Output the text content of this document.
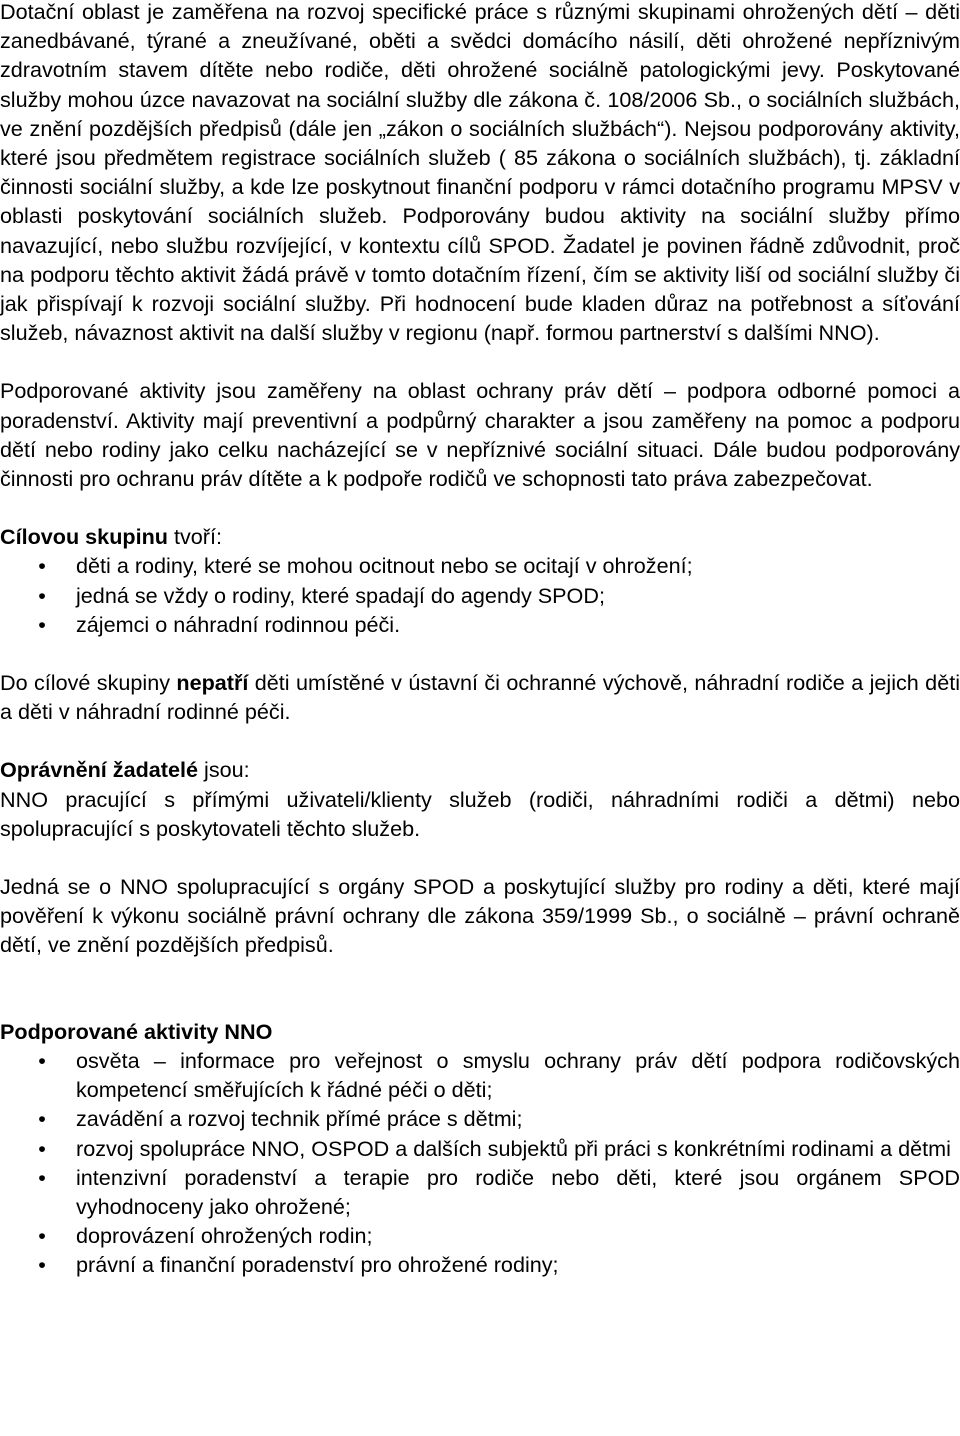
Dotační oblast je zaměřena na rozvoj specifické práce s různými skupinami ohrožených dětí – děti zanedbávané, týrané a zneužívané, oběti a svědci domácího násilí, děti ohrožené nepříznivým zdravotním stavem dítěte nebo rodiče, děti ohrožené sociálně patologickými jevy. Poskytované služby mohou úzce navazovat na sociální služby dle zákona č. 108/2006 Sb., o sociálních službách, ve znění pozdějších předpisů (dále jen „zákon o sociálních službách“). Nejsou podporovány aktivity, které jsou předmětem registrace sociálních služeb ( 85 zákona o sociálních službách), tj. základní činnosti sociální služby, a kde lze poskytnout finanční podporu v rámci dotačního programu MPSV v oblasti poskytování sociálních služeb. Podporovány budou aktivity na sociální služby přímo navazující, nebo službu rozvíjející, v kontextu cílů SPOD. Žadatel je povinen řádně zdůvodnit, proč na podporu těchto aktivit žádá právě v tomto dotačním řízení, čím se aktivity liší od sociální služby či jak přispívají k rozvoji sociální služby. Při hodnocení bude kladen důraz na potřebnost a síťování služeb, návaznost aktivit na další služby v regionu (např. formou partnerství s dalšími NNO).

Podporované aktivity jsou zaměřeny na oblast ochrany práv dětí – podpora odborné pomoci a poradenství. Aktivity mají preventivní a podpůrný charakter a jsou zaměřeny na pomoc a podporu dětí nebo rodiny jako celku nacházející se v nepříznivé sociální situaci. Dále budou podporovány činnosti pro ochranu práv dítěte a k podpoře rodičů ve schopnosti tato práva zabezpečovat.

Cílovou skupinu tvoří:

• děti a rodiny, které se mohou ocitnout nebo se ocitají v ohrožení;
• jedná se vždy o rodiny, které spadají do agendy SPOD;
• zájemci o náhradní rodinnou péči.

Do cílové skupiny nepatří děti umístěné v ústavní či ochranné výchově, náhradní rodiče a jejich děti a děti v náhradní rodinné péči.

Oprávnění žadatelé jsou:

NNO pracující s přímými uživateli/klienty služeb (rodiči, náhradními rodiči a dětmi) nebo spolupracující s poskytovateli těchto služeb.

Jedná se o NNO spolupracující s orgány SPOD a poskytující služby pro rodiny a děti, které mají pověření k výkonu sociálně právní ochrany dle zákona 359/1999 Sb., o sociálně – právní ochraně dětí, ve znění pozdějších předpisů.

Podporované aktivity NNO

• osvěta – informace pro veřejnost o smyslu ochrany práv dětí podpora rodičovských kompetencí směřujících k řádné péči o děti;
• zavádění a rozvoj technik přímé práce s dětmi;
• rozvoj spolupráce NNO, OSPOD a dalších subjektů při práci s konkrétními rodinami a dětmi
• intenzivní poradenství a terapie pro rodiče nebo děti, které jsou orgánem SPOD vyhodnoceny jako ohrožené;
• doprovázení ohrožených rodin;
• právní a finanční poradenství pro ohrožené rodiny;
